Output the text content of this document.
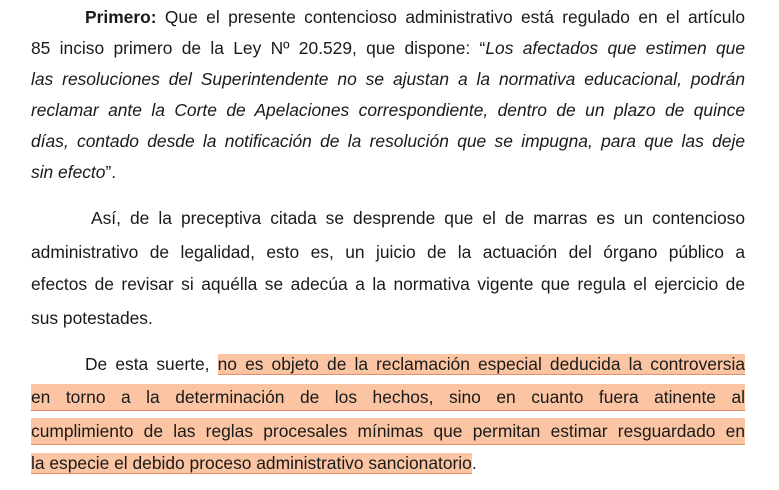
Primero: Que el presente contencioso administrativo está regulado en el artículo
85 inciso primero de la Ley Nº 20.529, que dispone: “Los afectados que estimen que
las resoluciones del Superintendente no se ajustan a la normativa educacional, podrán
reclamar ante la Corte de Apelaciones correspondiente, dentro de un plazo de quince
días, contado desde la notificación de la resolución que se impugna, para que las deje
sin efecto”.
Así, de la preceptiva citada se desprende que el de marras es un contencioso
administrativo de legalidad, esto es, un juicio de la actuación del órgano público a
efectos de revisar si aquélla se adecúa a la normativa vigente que regula el ejercicio de
sus potestades.
De esta suerte, no es objeto de la reclamación especial deducida la controversia
en torno a la determinación de los hechos, sino en cuanto fuera atinente al
cumplimiento de las reglas procesales mínimas que permitan estimar resguardado en
la especie el debido proceso administrativo sancionatorio.
